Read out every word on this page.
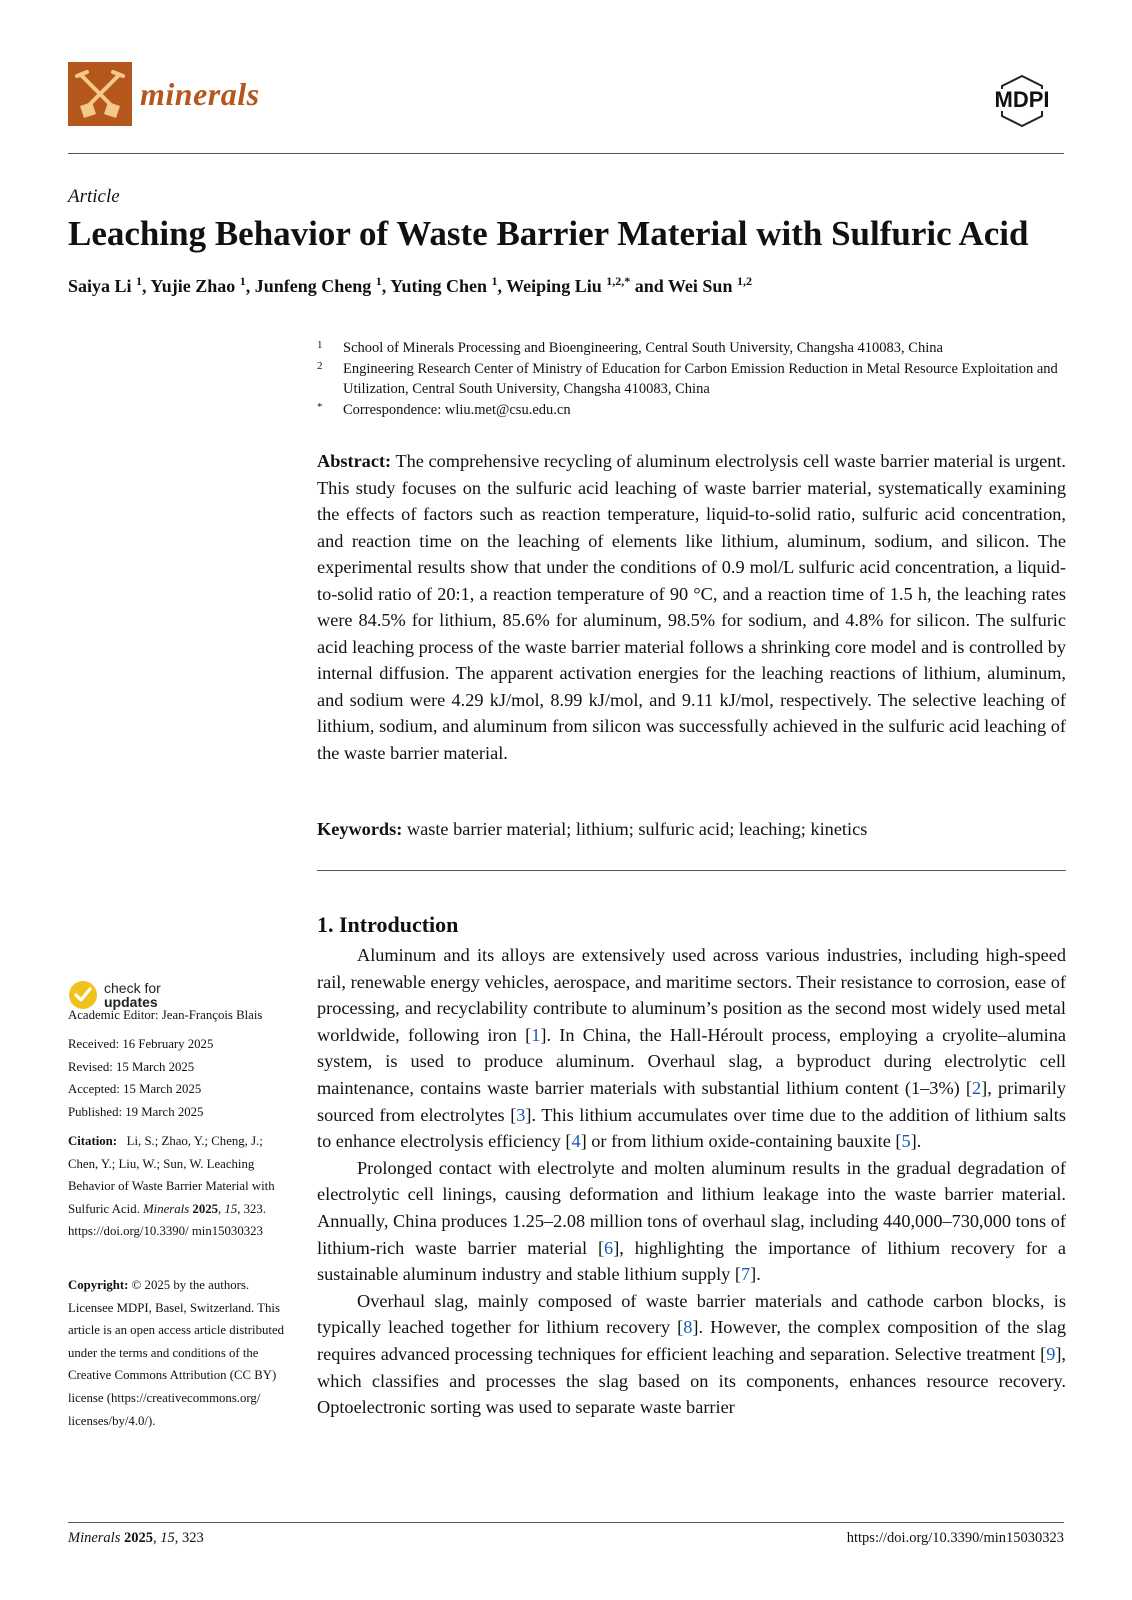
minerals	MDPI
Article
Leaching Behavior of Waste Barrier Material with Sulfuric Acid
Saiya Li $^1$, Yujie Zhao $^1$, Junfeng Cheng $^1$, Yuting Chen $^1$, Weiping Liu $^{1,2,*}$ and Wei Sun $^{1,2}$
1	School of Minerals Processing and Bioengineering, Central South University, Changsha 410083, China
2	Engineering Research Center of Ministry of Education for Carbon Emission Reduction in Metal Resource Exploitation and Utilization, Central South University, Changsha 410083, China
*	Correspondence: wliu.met@csu.edu.cn

Abstract: The comprehensive recycling of aluminum electrolysis cell waste barrier material is urgent. This study focuses on the sulfuric acid leaching of waste barrier material, systematically examining the effects of factors such as reaction temperature, liquid-to-solid ratio, sulfuric acid concentration, and reaction time on the leaching of elements like lithium, aluminum, sodium, and silicon. The experimental results show that under the conditions of 0.9 mol/L sulfuric acid concentration, a liquid-to-solid ratio of 20:1, a reaction temperature of 90 °C, and a reaction time of 1.5 h, the leaching rates were 84.5% for lithium, 85.6% for aluminum, 98.5% for sodium, and 4.8% for silicon. The sulfuric acid leaching process of the waste barrier material follows a shrinking core model and is controlled by internal diffusion. The apparent activation energies for the leaching reactions of lithium, aluminum, and sodium were 4.29 kJ/mol, 8.99 kJ/mol, and 9.11 kJ/mol, respectively. The selective leaching of lithium, sodium, and aluminum from silicon was successfully achieved in the sulfuric acid leaching of the waste barrier material.

Keywords: waste barrier material; lithium; sulfuric acid; leaching; kinetics

check for
updates
Academic Editor: Jean-François Blais

Received: 16 February 2025

Revised: 15 March 2025

Accepted: 15 March 2025

Published: 19 March 2025

Citation: Li, S.; Zhao, Y.; Cheng, J.; Chen, Y.; Liu, W.; Sun, W. Leaching Behavior of Waste Barrier Material with Sulfuric Acid. Minerals 2025, 15, 323. https://doi.org/10.3390/ min15030323

Copyright: © 2025 by the authors. Licensee MDPI, Basel, Switzerland. This article is an open access article distributed under the terms and conditions of the Creative Commons Attribution (CC BY) license (https://creativecommons.org/ licenses/by/4.0/).

1. Introduction

Aluminum and its alloys are extensively used across various industries, including high-speed rail, renewable energy vehicles, aerospace, and maritime sectors. Their resistance to corrosion, ease of processing, and recyclability contribute to aluminum’s position as the second most widely used metal worldwide, following iron [1]. In China, the Hall-Héroult process, employing a cryolite–alumina system, is used to produce aluminum. Overhaul slag, a byproduct during electrolytic cell maintenance, contains waste barrier materials with substantial lithium content (1–3%) [2], primarily sourced from electrolytes [3]. This lithium accumulates over time due to the addition of lithium salts to enhance electrolysis efficiency [4] or from lithium oxide-containing bauxite [5].

Prolonged contact with electrolyte and molten aluminum results in the gradual degradation of electrolytic cell linings, causing deformation and lithium leakage into the waste barrier material. Annually, China produces 1.25–2.08 million tons of overhaul slag, including 440,000–730,000 tons of lithium-rich waste barrier material [6], highlighting the importance of lithium recovery for a sustainable aluminum industry and stable lithium supply [7].

Overhaul slag, mainly composed of waste barrier materials and cathode carbon blocks, is typically leached together for lithium recovery [8]. However, the complex composition of the slag requires advanced processing techniques for efficient leaching and separation. Selective treatment [9], which classifies and processes the slag based on its components, enhances resource recovery. Optoelectronic sorting was used to separate waste barrier

Minerals 2025, 15, 323	https://doi.org/10.3390/min15030323
